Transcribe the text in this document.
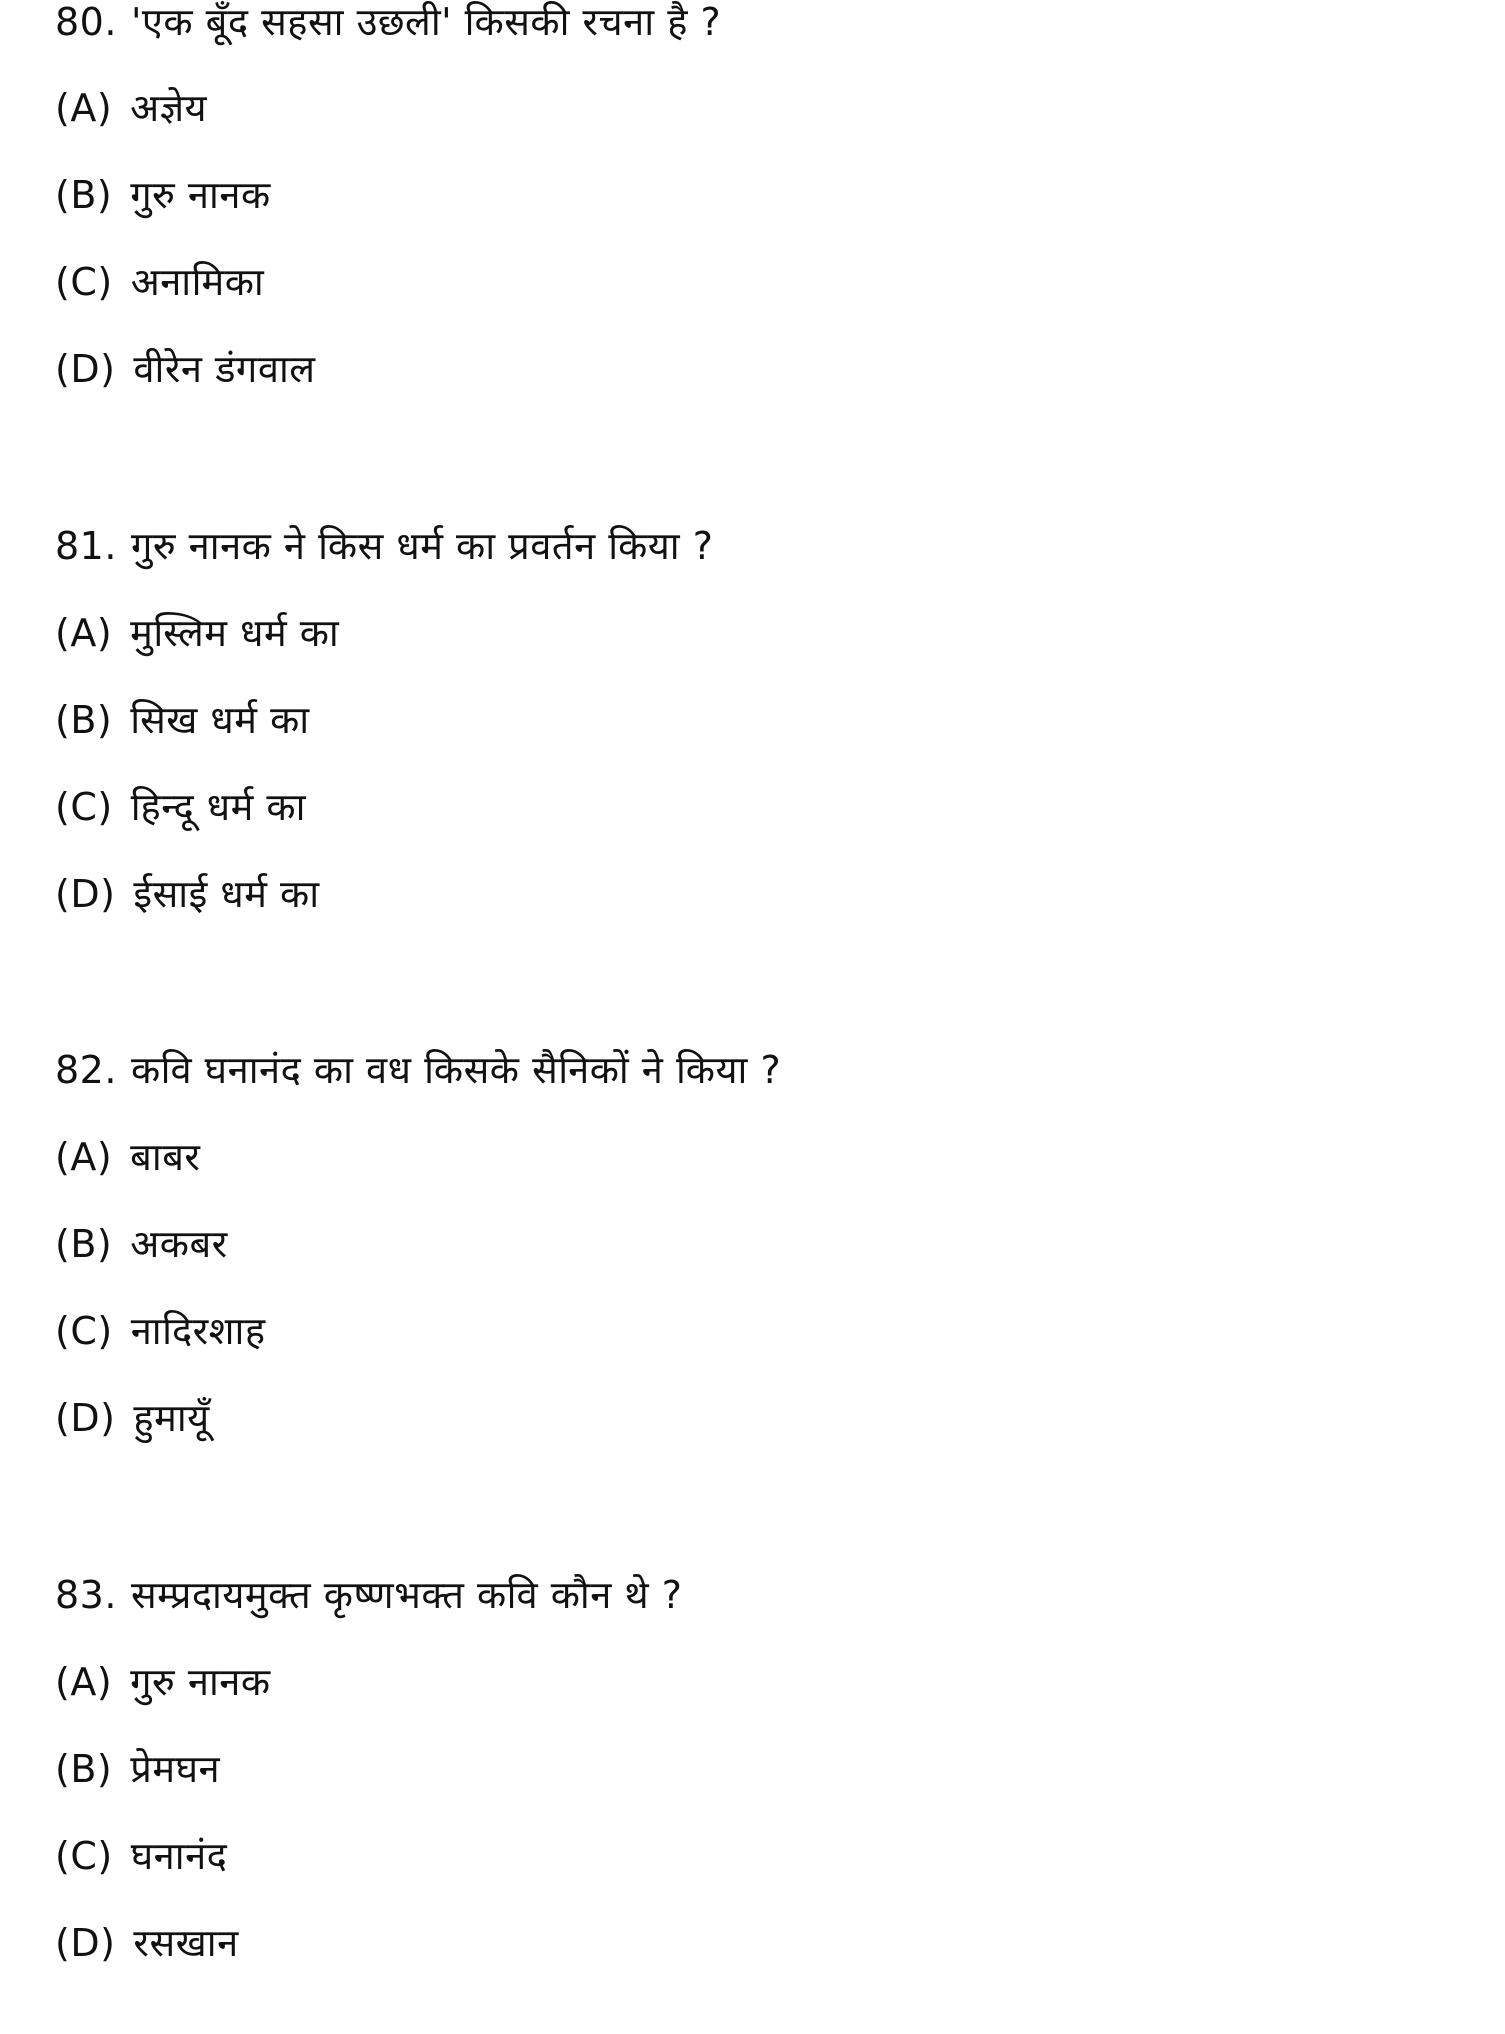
80. 'एक बूँद सहसा उछली' किसकी रचना है ?
(A) अज्ञेय
(B) गुरु नानक
(C) अनामिका
(D) वीरेन डंगवाल
81. गुरु नानक ने किस धर्म का प्रवर्तन किया ?
(A) मुस्लिम धर्म का
(B) सिख धर्म का
(C) हिन्दू धर्म का
(D) ईसाई धर्म का
82. कवि घनानंद का वध किसके सैनिकों ने किया ?
(A) बाबर
(B) अकबर
(C) नादिरशाह
(D) हुमायूँ
83. सम्प्रदायमुक्त कृष्णभक्त कवि कौन थे ?
(A) गुरु नानक
(B) प्रेमघन
(C) घनानंद
(D) रसखान
